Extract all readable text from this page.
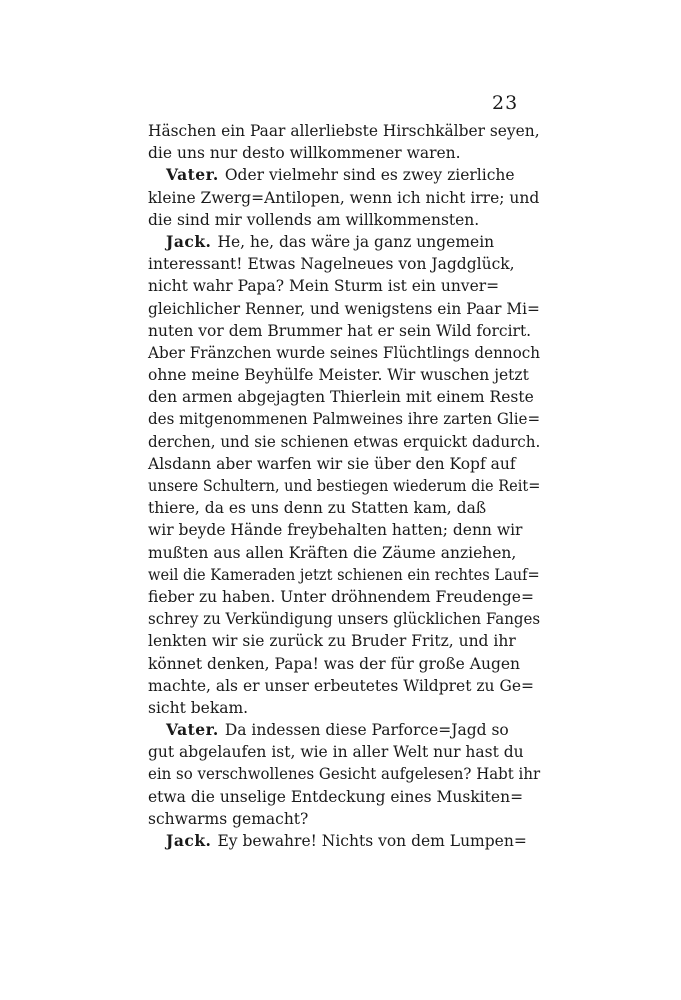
23
Häschen ein Paar allerliebste Hirschkälber seyen,
die uns nur desto willkommener waren.
Vater. Oder vielmehr sind es zwey zierliche
kleine Zwerg=Antilopen, wenn ich nicht irre; und
die sind mir vollends am willkommensten.
Jack. He, he, das wäre ja ganz ungemein
interessant! Etwas Nagelneues von Jagdglück,
nicht wahr Papa? Mein Sturm ist ein unver=
gleichlicher Renner, und wenigstens ein Paar Mi=
nuten vor dem Brummer hat er sein Wild forcirt.
Aber Fränzchen wurde seines Flüchtlings dennoch
ohne meine Beyhülfe Meister. Wir wuschen jetzt
den armen abgejagten Thierlein mit einem Reste
des mitgenommenen Palmweines ihre zarten Glie=
derchen, und sie schienen etwas erquickt dadurch.
Alsdann aber warfen wir sie über den Kopf auf
unsere Schultern, und bestiegen wiederum die Reit=
thiere, da es uns denn zu Statten kam, daß
wir beyde Hände freybehalten hatten; denn wir
mußten aus allen Kräften die Zäume anziehen,
weil die Kameraden jetzt schienen ein rechtes Lauf=
fieber zu haben. Unter dröhnendem Freudenge=
schrey zu Verkündigung unsers glücklichen Fanges
lenkten wir sie zurück zu Bruder Fritz, und ihr
könnet denken, Papa! was der für große Augen
machte, als er unser erbeutetes Wildpret zu Ge=
sicht bekam.
Vater. Da indessen diese Parforce=Jagd so
gut abgelaufen ist, wie in aller Welt nur hast du
ein so verschwollenes Gesicht aufgelesen? Habt ihr
etwa die unselige Entdeckung eines Muskiten=
schwarms gemacht?
Jack. Ey bewahre! Nichts von dem Lumpen=
